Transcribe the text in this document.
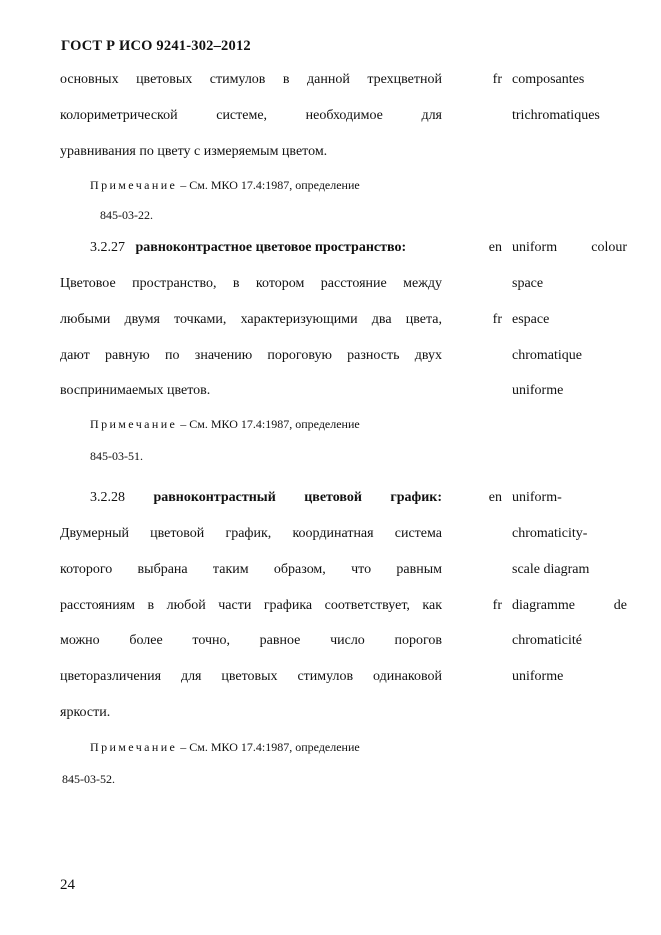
ГОСТ Р ИСО 9241-302–2012
основных цветовых стимулов в данной трехцветной
колориметрической системе, необходимое для
уравнивания по цвету с измеряемым цветом.
Примечание – См. МКО 17.4:1987, определение
845-03-22.
fr composantes
trichromatiques
3.2.27 равноконтрастное цветовое пространство:
Цветовое пространство, в котором расстояние между
любыми двумя точками, характеризующими два цвета,
дают равную по значению пороговую разность двух
воспринимаемых цветов.
Примечание – См. МКО 17.4:1987, определение
845-03-51.
en uniform colour
space
fr espace
chromatique
uniforme
3.2.28 равноконтрастный цветовой график:
Двумерный цветовой график, координатная система
которого выбрана таким образом, что равным
расстояниям в любой части графика соответствует, как
можно более точно, равное число порогов
цветоразличения для цветовых стимулов одинаковой
яркости.
Примечание – См. МКО 17.4:1987, определение
845-03-52.
en uniform-
chromaticity-
scale diagram
fr diagramme de
chromaticité
uniforme
24
